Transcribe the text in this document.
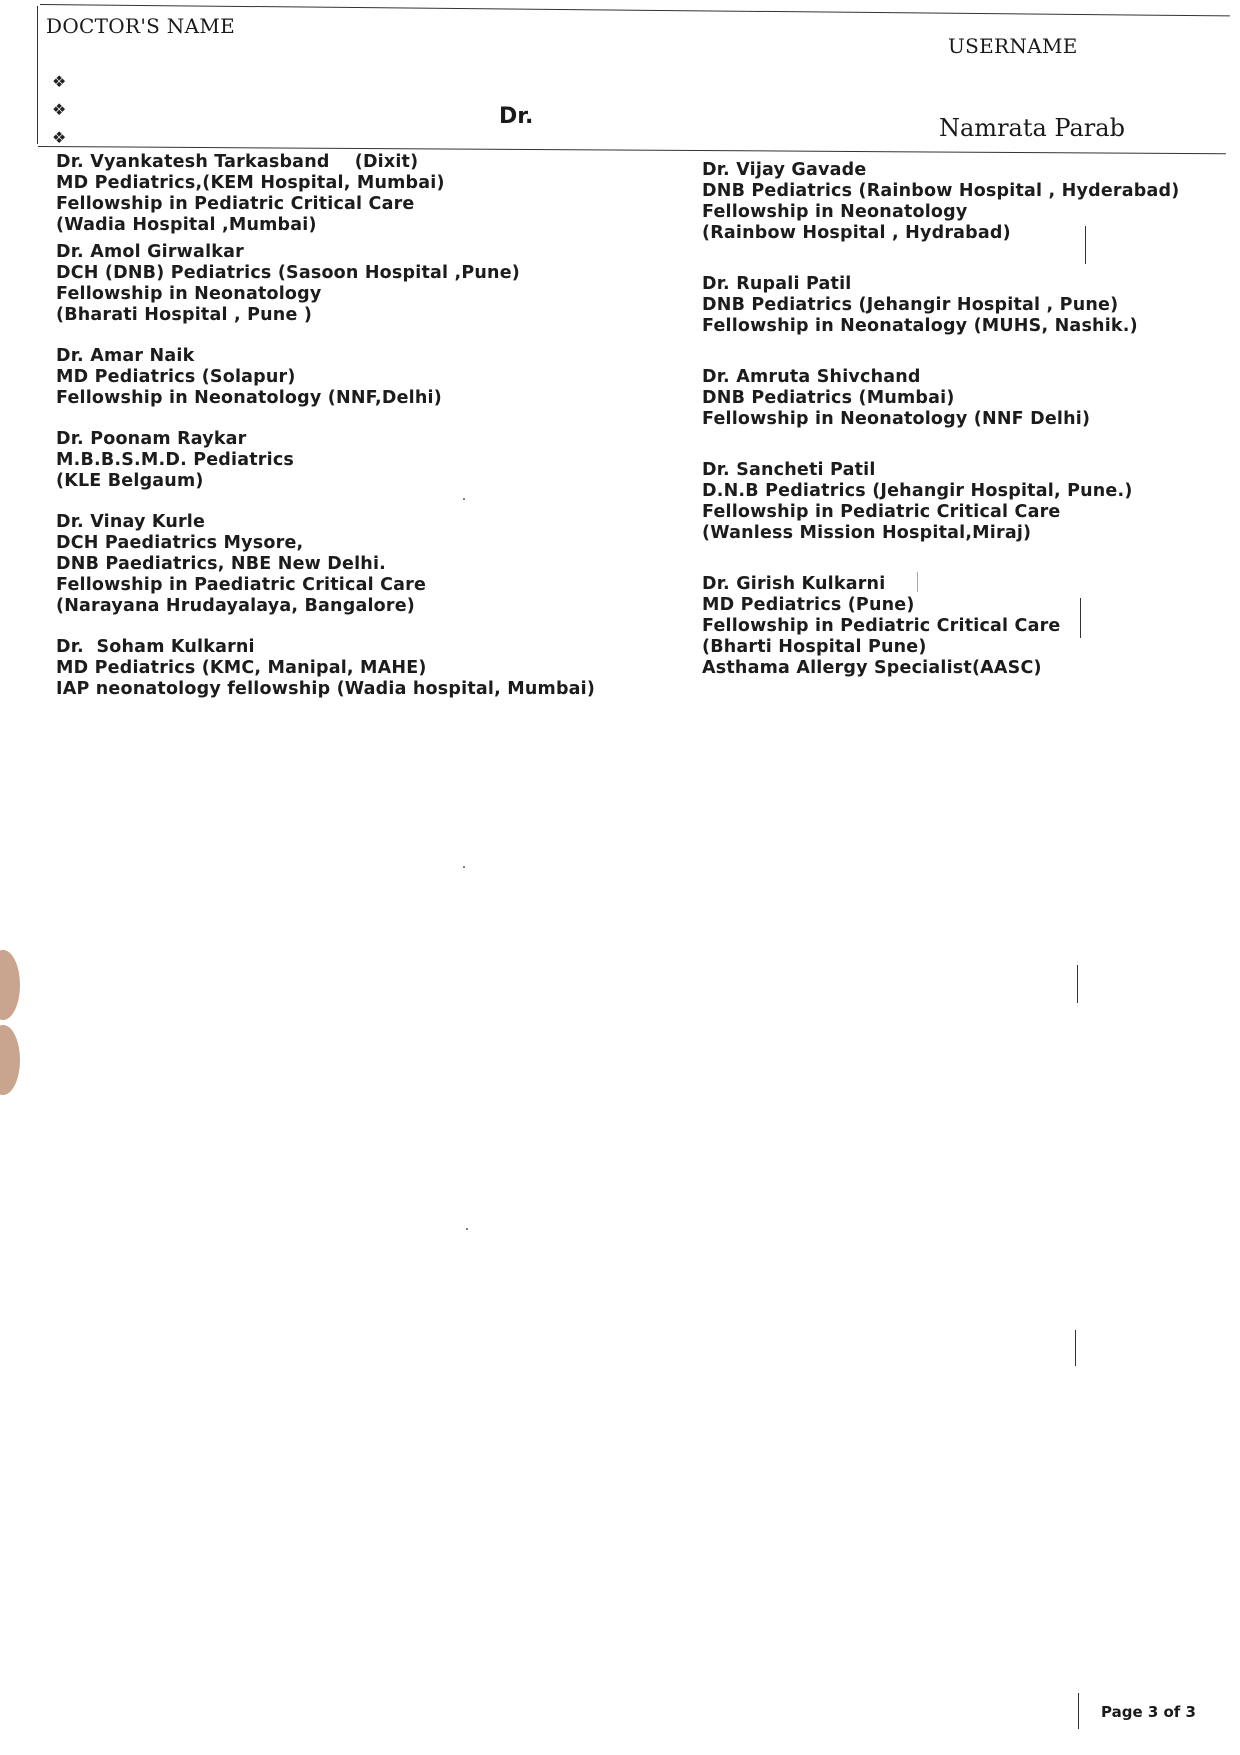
DOCTOR'S NAME
USERNAME
❖
❖
❖
Dr.	Namrata Parab
Dr. Vyankatesh Tarkasband    (Dixit)
MD Pediatrics,(KEM Hospital, Mumbai)
Fellowship in Pediatric Critical Care
(Wadia Hospital ,Mumbai)
Dr. Amol Girwalkar
DCH (DNB) Pediatrics (Sasoon Hospital ,Pune)
Fellowship in Neonatology
(Bharati Hospital , Pune )
Dr. Amar Naik
MD Pediatrics (Solapur)
Fellowship in Neonatology (NNF,Delhi)
Dr. Poonam Raykar
M.B.B.S.M.D. Pediatrics
(KLE Belgaum)
Dr. Vinay Kurle
DCH Paediatrics Mysore,
DNB Paediatrics, NBE New Delhi.
Fellowship in Paediatric Critical Care
(Narayana Hrudayalaya, Bangalore)
Dr.  Soham Kulkarni
MD Pediatrics (KMC, Manipal, MAHE)
IAP neonatology fellowship (Wadia hospital, Mumbai)
Dr. Vijay Gavade
DNB Pediatrics (Rainbow Hospital , Hyderabad)
Fellowship in Neonatology
(Rainbow Hospital , Hydrabad)
Dr. Rupali Patil
DNB Pediatrics (Jehangir Hospital , Pune)
Fellowship in Neonatalogy (MUHS, Nashik.)
Dr. Amruta Shivchand
DNB Pediatrics (Mumbai)
Fellowship in Neonatology (NNF Delhi)
Dr. Sancheti Patil
D.N.B Pediatrics (Jehangir Hospital, Pune.)
Fellowship in Pediatric Critical Care
(Wanless Mission Hospital,Miraj)
Dr. Girish Kulkarni
MD Pediatrics (Pune)
Fellowship in Pediatric Critical Care
(Bharti Hospital Pune)
Asthama Allergy Specialist(AASC)
Page 3 of 3
